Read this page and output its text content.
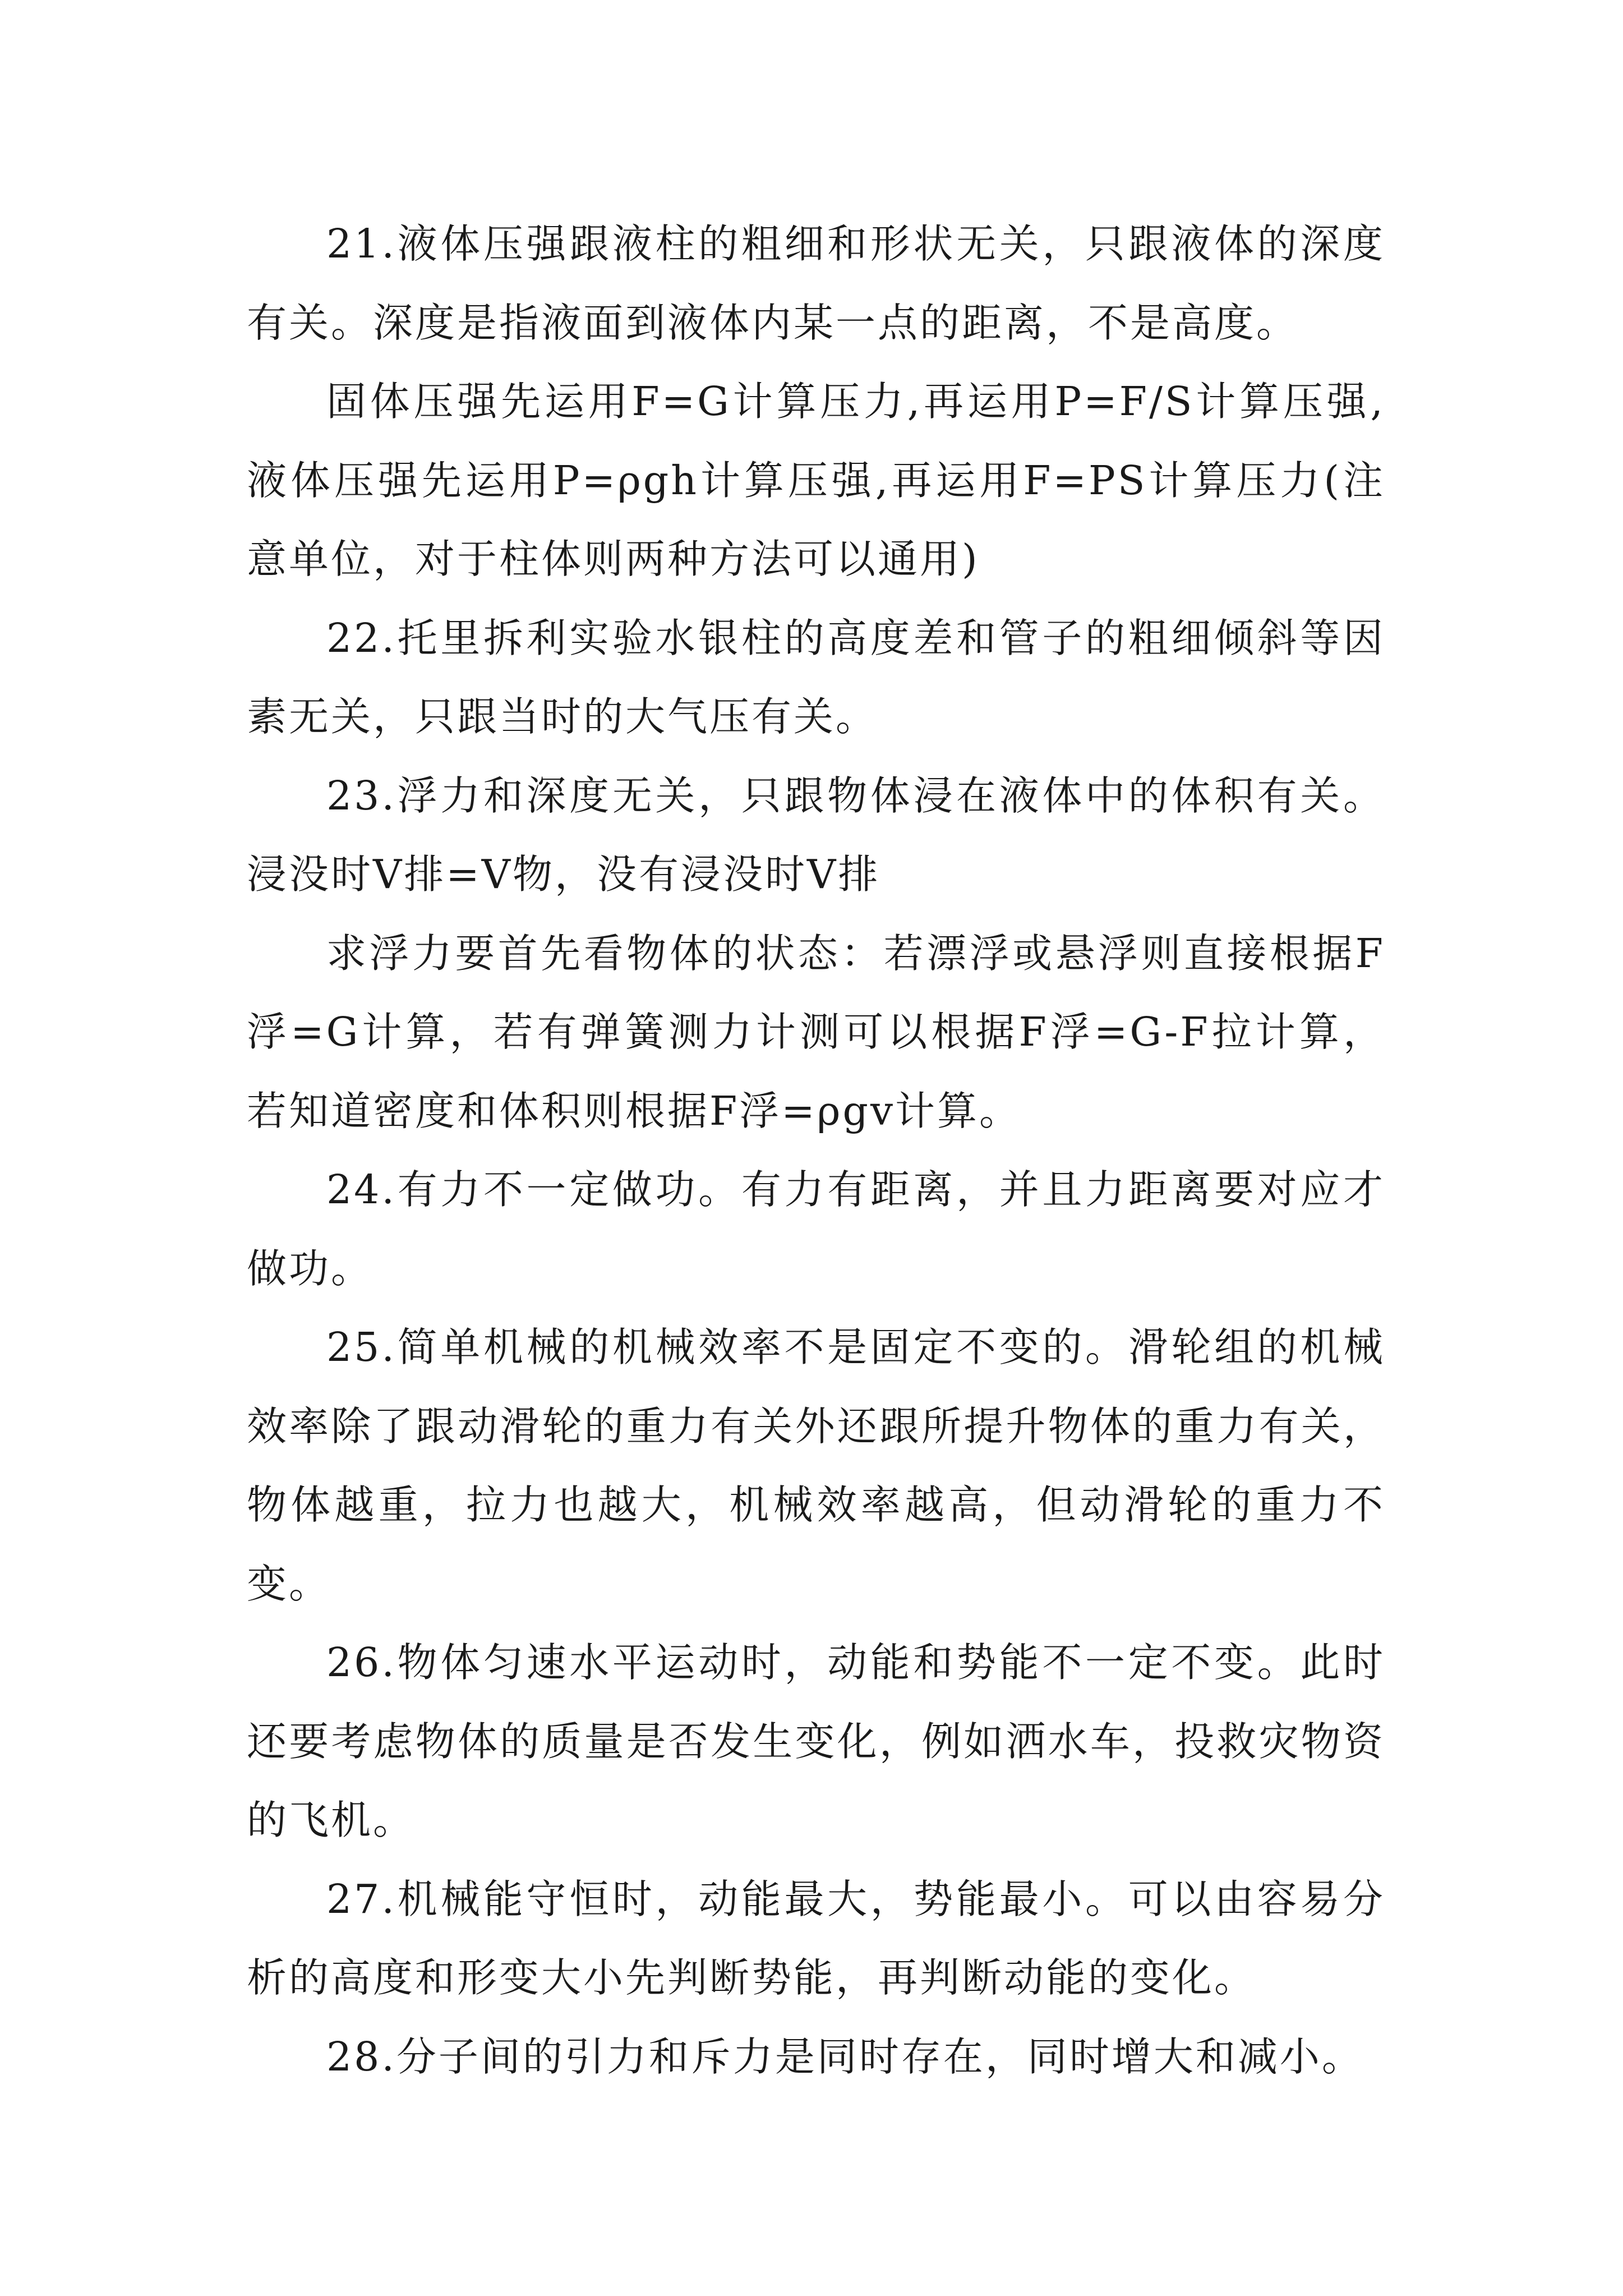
21.液体压强跟液柱的粗细和形状无关，只跟液体的深度有关。深度是指液面到液体内某一点的距离，不是高度。

固体压强先运用F=G计算压力,再运用P=F/S计算压强,液体压强先运用P=ρgh计算压强,再运用F=PS计算压力(注意单位，对于柱体则两种方法可以通用)

22.托里拆利实验水银柱的高度差和管子的粗细倾斜等因素无关，只跟当时的大气压有关。

23.浮力和深度无关，只跟物体浸在液体中的体积有关。浸没时V排=V物，没有浸没时V排

求浮力要首先看物体的状态：若漂浮或悬浮则直接根据F浮=G计算，若有弹簧测力计测可以根据F浮=G-F拉计算，若知道密度和体积则根据F浮=ρgv计算。

24.有力不一定做功。有力有距离，并且力距离要对应才做功。

25.简单机械的机械效率不是固定不变的。滑轮组的机械效率除了跟动滑轮的重力有关外还跟所提升物体的重力有关，物体越重，拉力也越大，机械效率越高，但动滑轮的重力不变。

26.物体匀速水平运动时，动能和势能不一定不变。此时还要考虑物体的质量是否发生变化，例如洒水车，投救灾物资的飞机。

27.机械能守恒时，动能最大，势能最小。可以由容易分析的高度和形变大小先判断势能，再判断动能的变化。

28.分子间的引力和斥力是同时存在，同时增大和减小。
